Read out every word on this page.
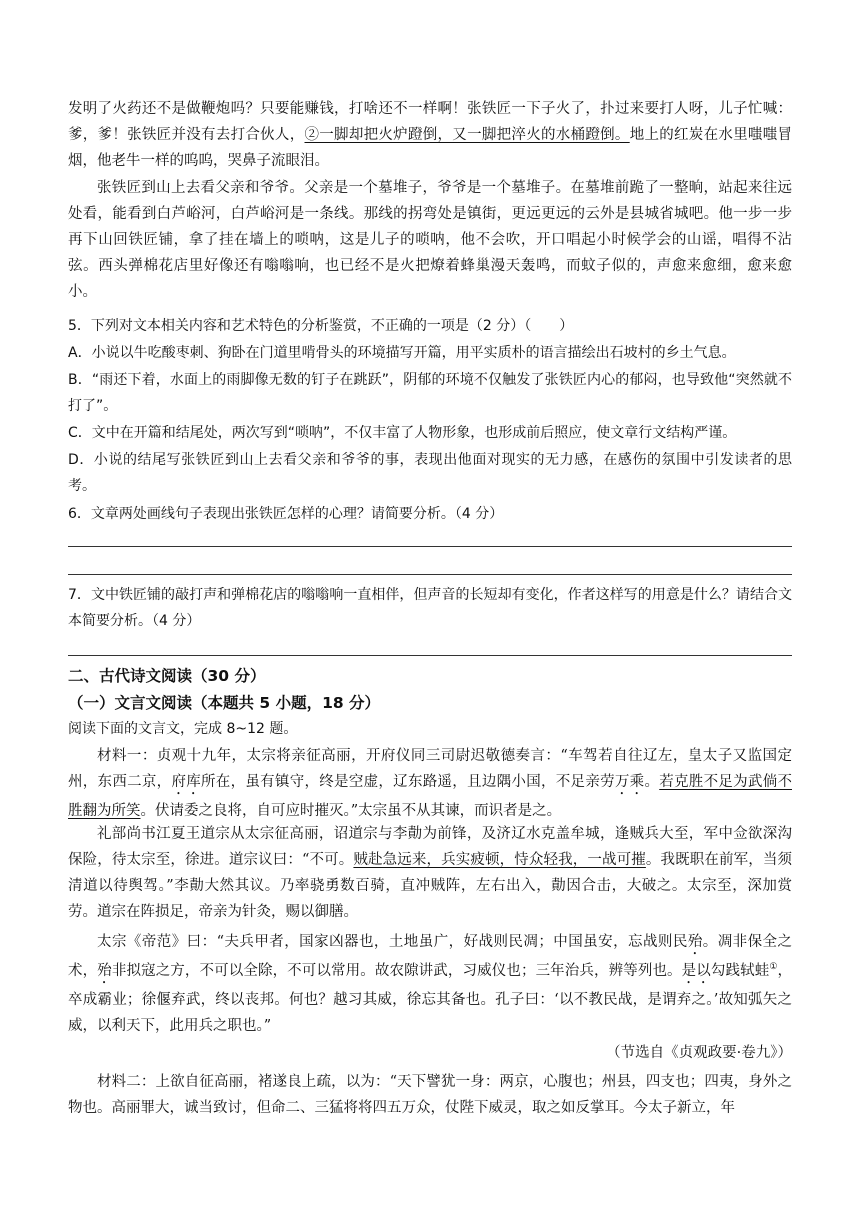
发明了火药还不是做鞭炮吗？只要能赚钱，打啥还不一样啊！张铁匠一下子火了，扑过来要打人呀，儿子忙喊：爹，爹！张铁匠并没有去打合伙人，②一脚却把火炉蹬倒，又一脚把淬火的水桶蹬倒。地上的红炭在水里嗤嗤冒烟，他老牛一样的呜呜，哭鼻子流眼泪。

张铁匠到山上去看父亲和爷爷。父亲是一个墓堆子，爷爷是一个墓堆子。在墓堆前跪了一整晌，站起来往远处看，能看到白芦峪河，白芦峪河是一条线。那线的拐弯处是镇街，更远更远的云外是县城省城吧。他一步一步再下山回铁匠铺，拿了挂在墙上的唢呐，这是儿子的唢呐，他不会吹，开口唱起小时候学会的山谣，唱得不沾弦。西头弹棉花店里好像还有嗡嗡响，也已经不是火把燎着蜂巢漫天轰鸣，而蚊子似的，声愈来愈细，愈来愈小。

5．下列对文本相关内容和艺术特色的分析鉴赏，不正确的一项是（2 分）（　　）

A．小说以牛吃酸枣刺、狗卧在门道里啃骨头的环境描写开篇，用平实质朴的语言描绘出石坡村的乡土气息。

B．“雨还下着，水面上的雨脚像无数的钉子在跳跃”，阴郁的环境不仅触发了张铁匠内心的郁闷，也导致他“突然就不打了”。

C．文中在开篇和结尾处，两次写到“唢呐”，不仅丰富了人物形象，也形成前后照应，使文章行文结构严谨。

D．小说的结尾写张铁匠到山上去看父亲和爷爷的事，表现出他面对现实的无力感，在感伤的氛围中引发读者的思考。

6．文章两处画线句子表现出张铁匠怎样的心理？请简要分析。（4 分）

7．文中铁匠铺的敲打声和弹棉花店的嗡嗡响一直相伴，但声音的长短却有变化，作者这样写的用意是什么？请结合文本简要分析。（4 分）

二、古代诗文阅读（30 分）

（一）文言文阅读（本题共 5 小题，18 分）

阅读下面的文言文，完成 8~12 题。

材料一：贞观十九年，太宗将亲征高丽，开府仪同三司尉迟敬德奏言：“车驾若自往辽左，皇太子又监国定州，东西二京，府库所在，虽有镇守，终是空虚，辽东路遥，且边隅小国，不足亲劳万乘。若克胜不足为武倘不胜翻为所笑。伏请委之良将，自可应时摧灭。”太宗虽不从其谏，而识者是之。

礼部尚书江夏王道宗从太宗征高丽，诏道宗与李勣为前锋，及济辽水克盖牟城，逢贼兵大至，军中佥欲深沟保险，待太宗至，徐进。道宗议曰：“不可。贼赴急远来，兵实疲顿，恃众轻我，一战可摧。我既职在前军，当须清道以待舆驾。”李勣大然其议。乃率骁勇数百骑，直冲贼阵，左右出入，勣因合击，大破之。太宗至，深加赏劳。道宗在阵损足，帝亲为针灸，赐以御膳。

太宗《帝范》曰：“夫兵甲者，国家凶器也，土地虽广，好战则民凋；中国虽安，忘战则民殆。凋非保全之术，殆非拟寇之方，不可以全除，不可以常用。故农隙讲武，习威仪也；三年治兵，辨等列也。是以勾践轼蛙①，卒成霸业；徐偃弃武，终以丧邦。何也？越习其威，徐忘其备也。孔子曰：‘以不教民战，是谓弃之。’故知弧矢之威，以利天下，此用兵之职也。”

（节选自《贞观政要·卷九》）

材料二：上欲自征高丽，褚遂良上疏，以为：“天下譬犹一身：两京，心腹也；州县，四支也；四夷，身外之物也。高丽罪大，诚当致讨，但命二、三猛将将四五万众，仗陛下威灵，取之如反掌耳。今太子新立，年
